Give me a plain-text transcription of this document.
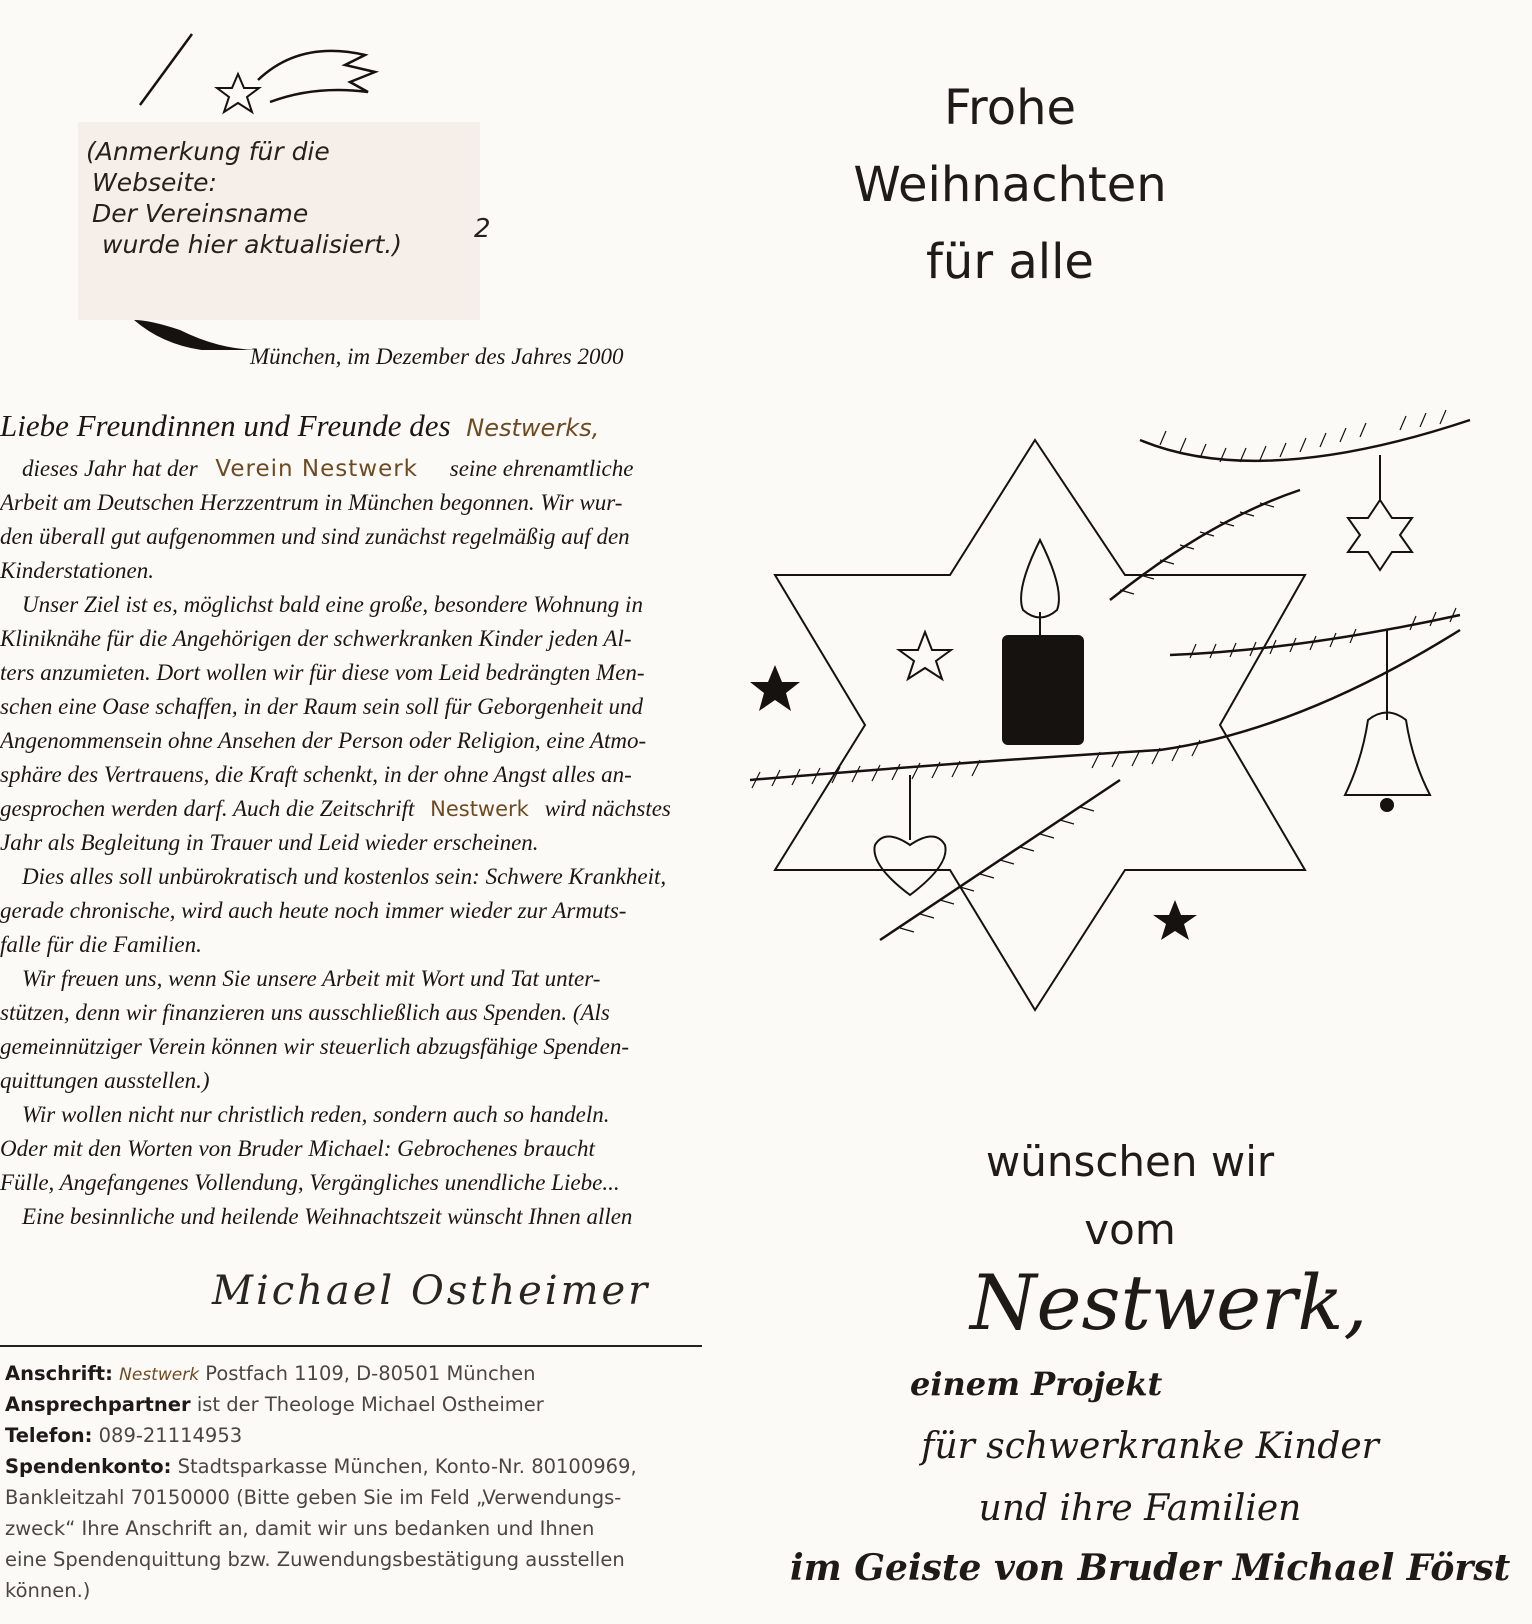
(Anmerkung für die

Webseite:

Der Vereinsname

wurde hier aktualisiert.)

2
München, im Dezember des Jahres 2000
Liebe Freundinnen und Freunde des Nestwerks,
dieses Jahr hat der Verein Nestwerk seine ehrenamtliche
Arbeit am Deutschen Herzzentrum in München begonnen. Wir wur-
den überall gut aufgenommen und sind zunächst regelmäßig auf den
Kinderstationen.
Unser Ziel ist es, möglichst bald eine große, besondere Wohnung in
Kliniknähe für die Angehörigen der schwerkranken Kinder jeden Al-
ters anzumieten. Dort wollen wir für diese vom Leid bedrängten Men-
schen eine Oase schaffen, in der Raum sein soll für Geborgenheit und
Angenommensein ohne Ansehen der Person oder Religion, eine Atmo-
sphäre des Vertrauens, die Kraft schenkt, in der ohne Angst alles an-
gesprochen werden darf. Auch die Zeitschrift Nestwerk wird nächstes
Jahr als Begleitung in Trauer und Leid wieder erscheinen.
Dies alles soll unbürokratisch und kostenlos sein: Schwere Krankheit,
gerade chronische, wird auch heute noch immer wieder zur Armuts-
falle für die Familien.
Wir freuen uns, wenn Sie unsere Arbeit mit Wort und Tat unter-
stützen, denn wir finanzieren uns ausschließlich aus Spenden. (Als
gemeinnütziger Verein können wir steuerlich abzugsfähige Spenden-
quittungen ausstellen.)
Wir wollen nicht nur christlich reden, sondern auch so handeln.
Oder mit den Worten von Bruder Michael: Gebrochenes braucht
Fülle, Angefangenes Vollendung, Vergängliches unendliche Liebe...
Eine besinnliche und heilende Weihnachtszeit wünscht Ihnen allen
Michael Ostheimer
Anschrift: Nestwerk Postfach 1109, D-80501 München
Ansprechpartner ist der Theologe Michael Ostheimer
Telefon: 089-21114953
Spendenkonto: Stadtsparkasse München, Konto-Nr. 80100969,
Bankleitzahl 70150000 (Bitte geben Sie im Feld „Verwendungs-
zweck“ Ihre Anschrift an, damit wir uns bedanken und Ihnen
eine Spendenquittung bzw. Zuwendungsbestätigung ausstellen
können.)
Frohe
Weihnachten
für alle
wünschen wir
vom
Nestwerk,
einem Projekt
für schwerkranke Kinder
und ihre Familien
im Geiste von Bruder Michael Först
